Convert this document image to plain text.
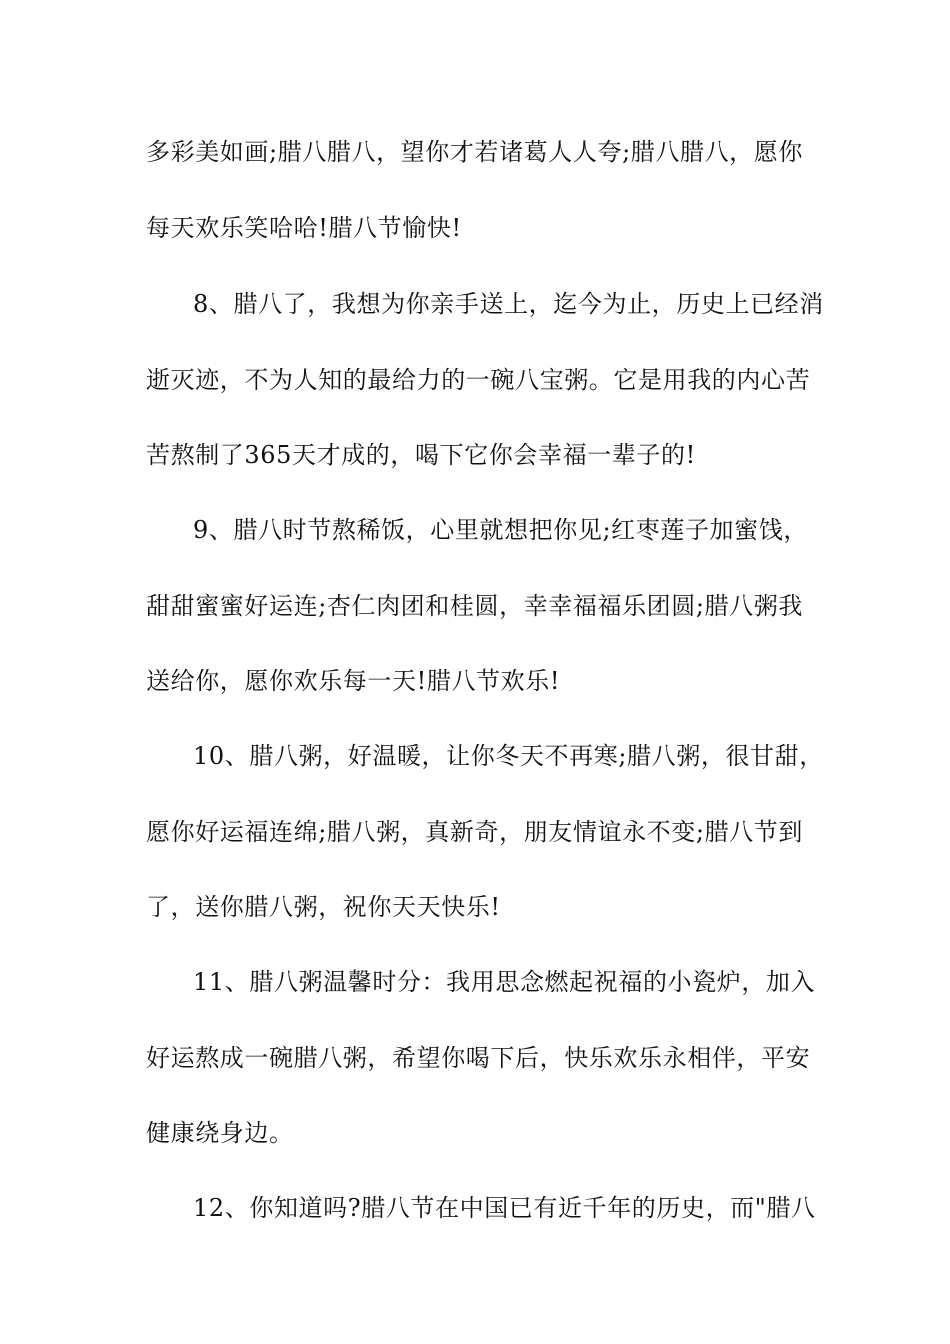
多彩美如画;腊八腊八，望你才若诸葛人人夸;腊八腊八，愿你
每天欢乐笑哈哈!腊八节愉快!
8、腊八了，我想为你亲手送上，迄今为止，历史上已经消
逝灭迹，不为人知的最给力的一碗八宝粥。它是用我的内心苦
苦熬制了365天才成的，喝下它你会幸福一辈子的!
9、腊八时节熬稀饭，心里就想把你见;红枣莲子加蜜饯，
甜甜蜜蜜好运连;杏仁肉团和桂圆，幸幸福福乐团圆;腊八粥我
送给你，愿你欢乐每一天!腊八节欢乐!
10、腊八粥，好温暖，让你冬天不再寒;腊八粥，很甘甜，
愿你好运福连绵;腊八粥，真新奇，朋友情谊永不变;腊八节到
了，送你腊八粥，祝你天天快乐!
11、腊八粥温馨时分：我用思念燃起祝福的小瓷炉，加入
好运熬成一碗腊八粥，希望你喝下后，快乐欢乐永相伴，平安
健康绕身边。
12、你知道吗?腊八节在中国已有近千年的历史，而"腊八
